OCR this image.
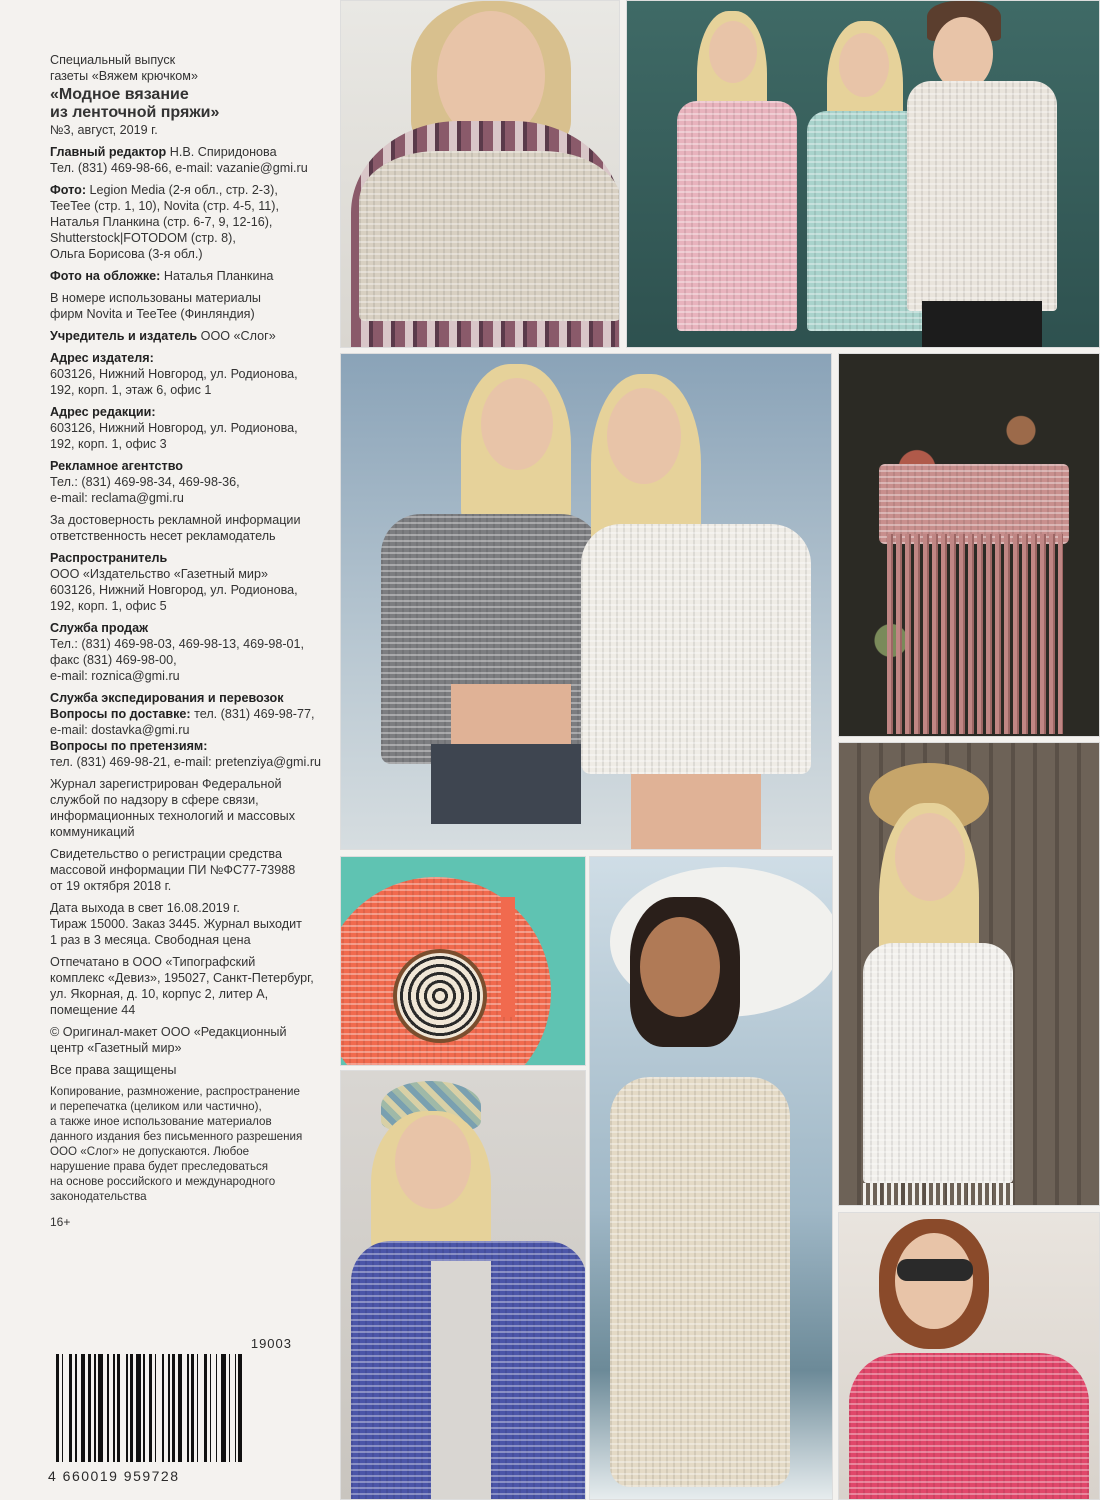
Специальный выпуск
газеты «Вяжем крючком»

«Модное вязание
из ленточной пряжи»

№3, август, 2019 г.

Главный редактор Н.В. Спиридонова
Тел. (831) 469-98-66, e-mail: vazanie@gmi.ru

Фото: Legion Media (2-я обл., стр. 2-3),
TeeTee (стр. 1, 10), Novita (стр. 4-5, 11),
Наталья Планкина (стр. 6-7, 9, 12-16),
Shutterstock|FOTODOM (стр. 8),
Ольга Борисова (3-я обл.)

Фото на обложке: Наталья Планкина

В номере использованы материалы
фирм Novita и TeeTee (Финляндия)

Учредитель и издатель ООО «Слог»

Адрес издателя:
603126, Нижний Новгород, ул. Родионова,
192, корп. 1, этаж 6, офис 1

Адрес редакции:
603126, Нижний Новгород, ул. Родионова,
192, корп. 1, офис 3

Рекламное агентство
Тел.: (831) 469-98-34, 469-98-36,
e-mail: reclama@gmi.ru

За достоверность рекламной информации
ответственность несет рекламодатель

Распространитель
ООО «Издательство «Газетный мир»
603126, Нижний Новгород, ул. Родионова,
192, корп. 1, офис 5

Служба продаж
Тел.: (831) 469-98-03, 469-98-13, 469-98-01,
факс (831) 469-98-00,
e-mail: roznica@gmi.ru

Служба экспедирования и перевозок
Вопросы по доставке: тел. (831) 469-98-77,
e-mail: dostavka@gmi.ru
Вопросы по претензиям:
тел. (831) 469-98-21, e-mail: pretenziya@gmi.ru

Журнал зарегистрирован Федеральной
службой по надзору в сфере связи,
информационных технологий и массовых
коммуникаций

Свидетельство о регистрации средства
массовой информации ПИ №ФС77-73988
от 19 октября 2018 г.

Дата выхода в свет 16.08.2019 г.
Тираж 15000. Заказ 3445. Журнал выходит
1 раз в 3 месяца. Свободная цена

Отпечатано в ООО «Типографский
комплекс «Девиз», 195027, Санкт-Петербург,
ул. Якорная, д. 10, корпус 2, литер А,
помещение 44

© Оригинал-макет ООО «Редакционный
центр «Газетный мир»

Все права защищены

Копирование, размножение, распространение
и перепечатка (целиком или частично),
а также иное использование материалов
данного издания без письменного разрешения
ООО «Слог» не допускаются. Любое
нарушение права будет преследоваться
на основе российского и международного
законодательства

16+

19003
4 660019 959728
